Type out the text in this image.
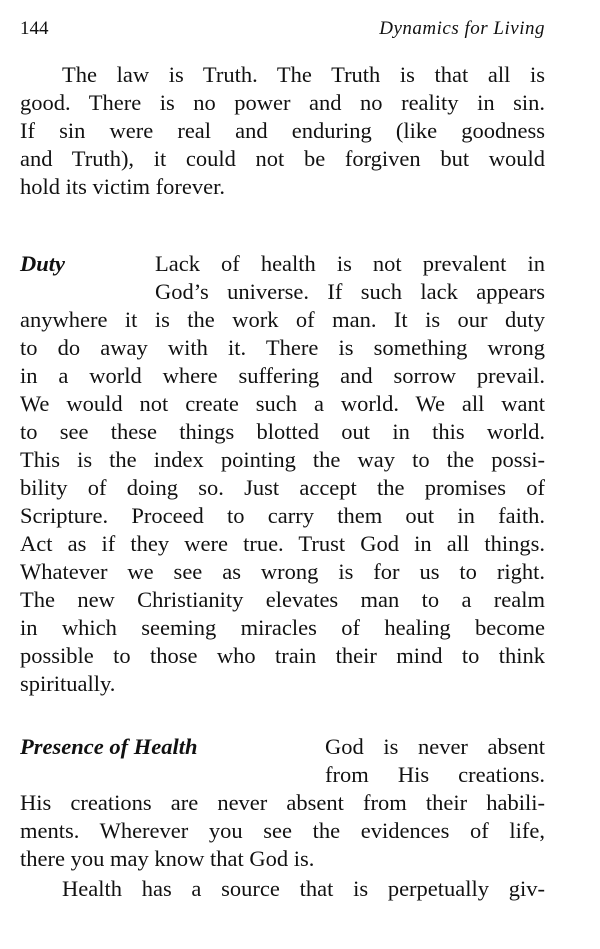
144	Dynamics for Living
The law is Truth. The Truth is that all is
good. There is no power and no reality in sin.
If sin were real and enduring (like goodness
and Truth), it could not be forgiven but would
hold its victim forever.
Duty	Lack of health is not prevalent in
God’s universe. If such lack appears
anywhere it is the work of man. It is our duty
to do away with it. There is something wrong
in a world where suffering and sorrow prevail.
We would not create such a world. We all want
to see these things blotted out in this world.
This is the index pointing the way to the possi-
bility of doing so. Just accept the promises of
Scripture. Proceed to carry them out in faith.
Act as if they were true. Trust God in all things.
Whatever we see as wrong is for us to right.
The new Christianity elevates man to a realm
in which seeming miracles of healing become
possible to those who train their mind to think
spiritually.
Presence of Health	God is never absent
from His creations.
His creations are never absent from their habili-
ments. Wherever you see the evidences of life,
there you may know that God is.
Health has a source that is perpetually giv-
